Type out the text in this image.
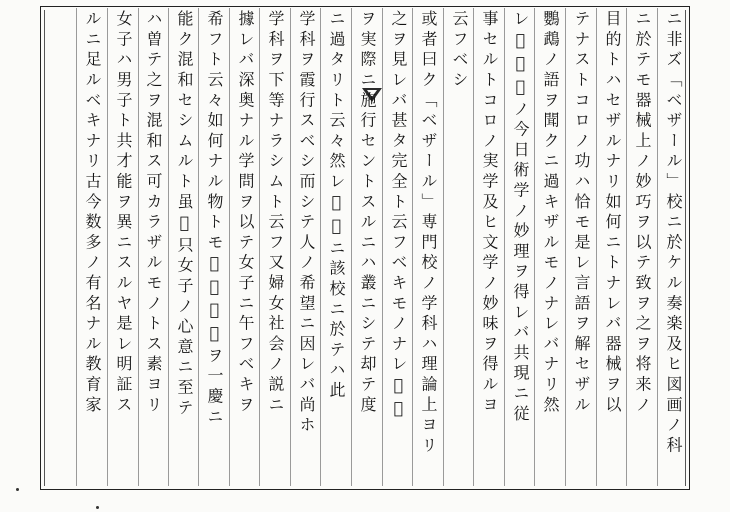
ニ非ズ「ベザール」校ニ於ケル奏楽及ヒ図画ノ科
ニ於テモ器械上ノ妙巧ヲ以テ致ヲ之ヲ将来ノ
目的トハセザルナリ如何ニトナレバ器械ヲ以
テナストコロノ功ハ恰モ是レ言語ヲ解セザル
鸚鵡ノ語ヲ聞クニ過キザルモノナレバナリ然
レ𪜈生徒ノ今日術学ノ妙理ヲ得レバ共現ニ従
事セルトコロノ実学及ヒ文学ノ妙味ヲ得ルヨ
云フベシ
或者曰ク「ベザール」専門校ノ学科ハ理論上ヨリ
之ヲ見レバ甚タ完全ト云フベキモノナレ𪜈之
ヲ実際ニ施行セントスルニハ叢ニシテ却テ度
ニ過タリト云々然レ𪜈現ニ該校ニ於テハ此
学科ヲ霞行スベシ而シテ人ノ希望ニ因レバ尚ホ
学科ヲ下等ナラシムト云フ又婦女社会ノ説ニ
據レバ深奥ナル学問ヲ以テ女子ニ午フベキヲ
希フト云々如何ナル物トモ𪜈余輩之ヲ一慶ニ
能ク混和セシムルト虽𪜈只女子ノ心意ニ至テ
ハ曽テ之ヲ混和ス可カラザルモノトス素ヨリ
女子ハ男子ト共才能ヲ異ニスルヤ是レ明証ス
ルニ足ルベキナリ古今数多ノ有名ナル教育家
